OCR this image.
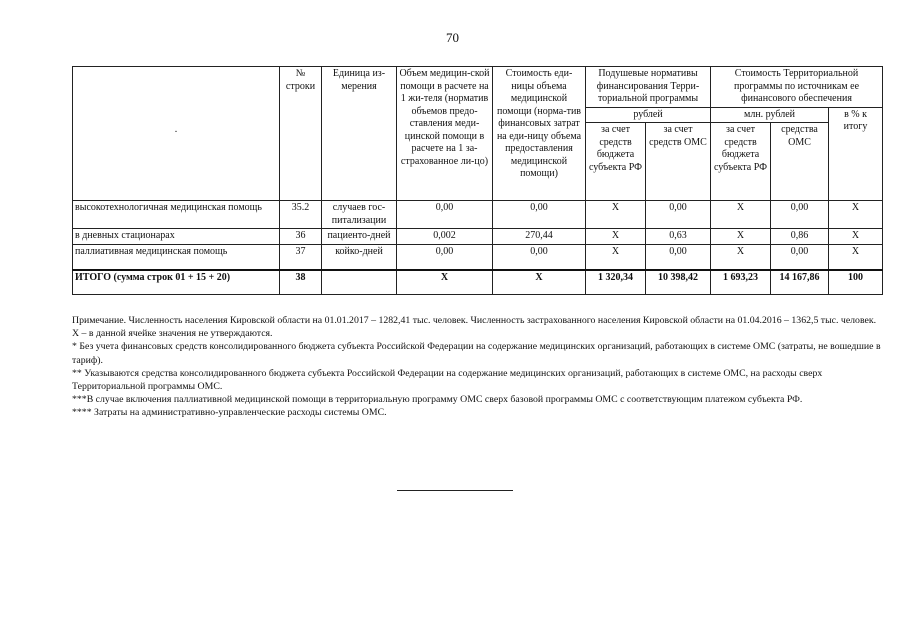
70
.	№ строки	Единица из-мерения	Объем медицин-ской помощи в расчете на 1 жи-теля (норматив объемов предо-ставления меди-цинской помощи в расчете на 1 за-страхованное ли-цо)	Стоимость еди-ницы объема медицинской помощи (норма-тив финансовых затрат на еди-ницу объема предоставления медицинской помощи)	Подушевые нормативы финансирования Терри-ториальной программы		Стоимость Территориальной программы по источникам ее финансового обеспечения		
					рублей		млн. рублей		в % к итогу
					за счет средств бюджета субъекта РФ	за счет средств ОМС	за счет средств бюджета субъекта РФ	средства ОМС	
высокотехнологичная медицинская помощь	35.2	случаев гос-питализации	0,00	0,00	X	0,00	X	0,00	X
в дневных стационарах	36	пациенто-дней	0,002	270,44	X	0,63	X	0,86	X
паллиативная медицинская помощь	37	койко-дней	0,00	0,00	X	0,00	X	0,00	X
ИТОГО (сумма строк 01 + 15 + 20)	38		X	X	1 320,34	10 398,42	1 693,23	14 167,86	100

Примечание. Численность населения Кировской области на 01.01.2017 – 1282,41 тыс. человек. Численность застрахованного населения Кировской области на 01.04.2016 – 1362,5 тыс. человек.

X – в данной ячейке значения не утверждаются.

* Без учета финансовых средств консолидированного бюджета субъекта Российской Федерации на содержание медицинских организаций, работающих в системе ОМС (затраты, не вошедшие в тариф).

** Указываются средства консолидированного бюджета субъекта Российской Федерации на содержание медицинских организаций, работающих в системе ОМС, на расходы сверх Территориальной программы ОМС.

***В случае включения паллиативной медицинской помощи в территориальную программу ОМС сверх базовой программы ОМС с соответствующим платежом субъекта РФ.

**** Затраты на административно-управленческие расходы системы ОМС.
